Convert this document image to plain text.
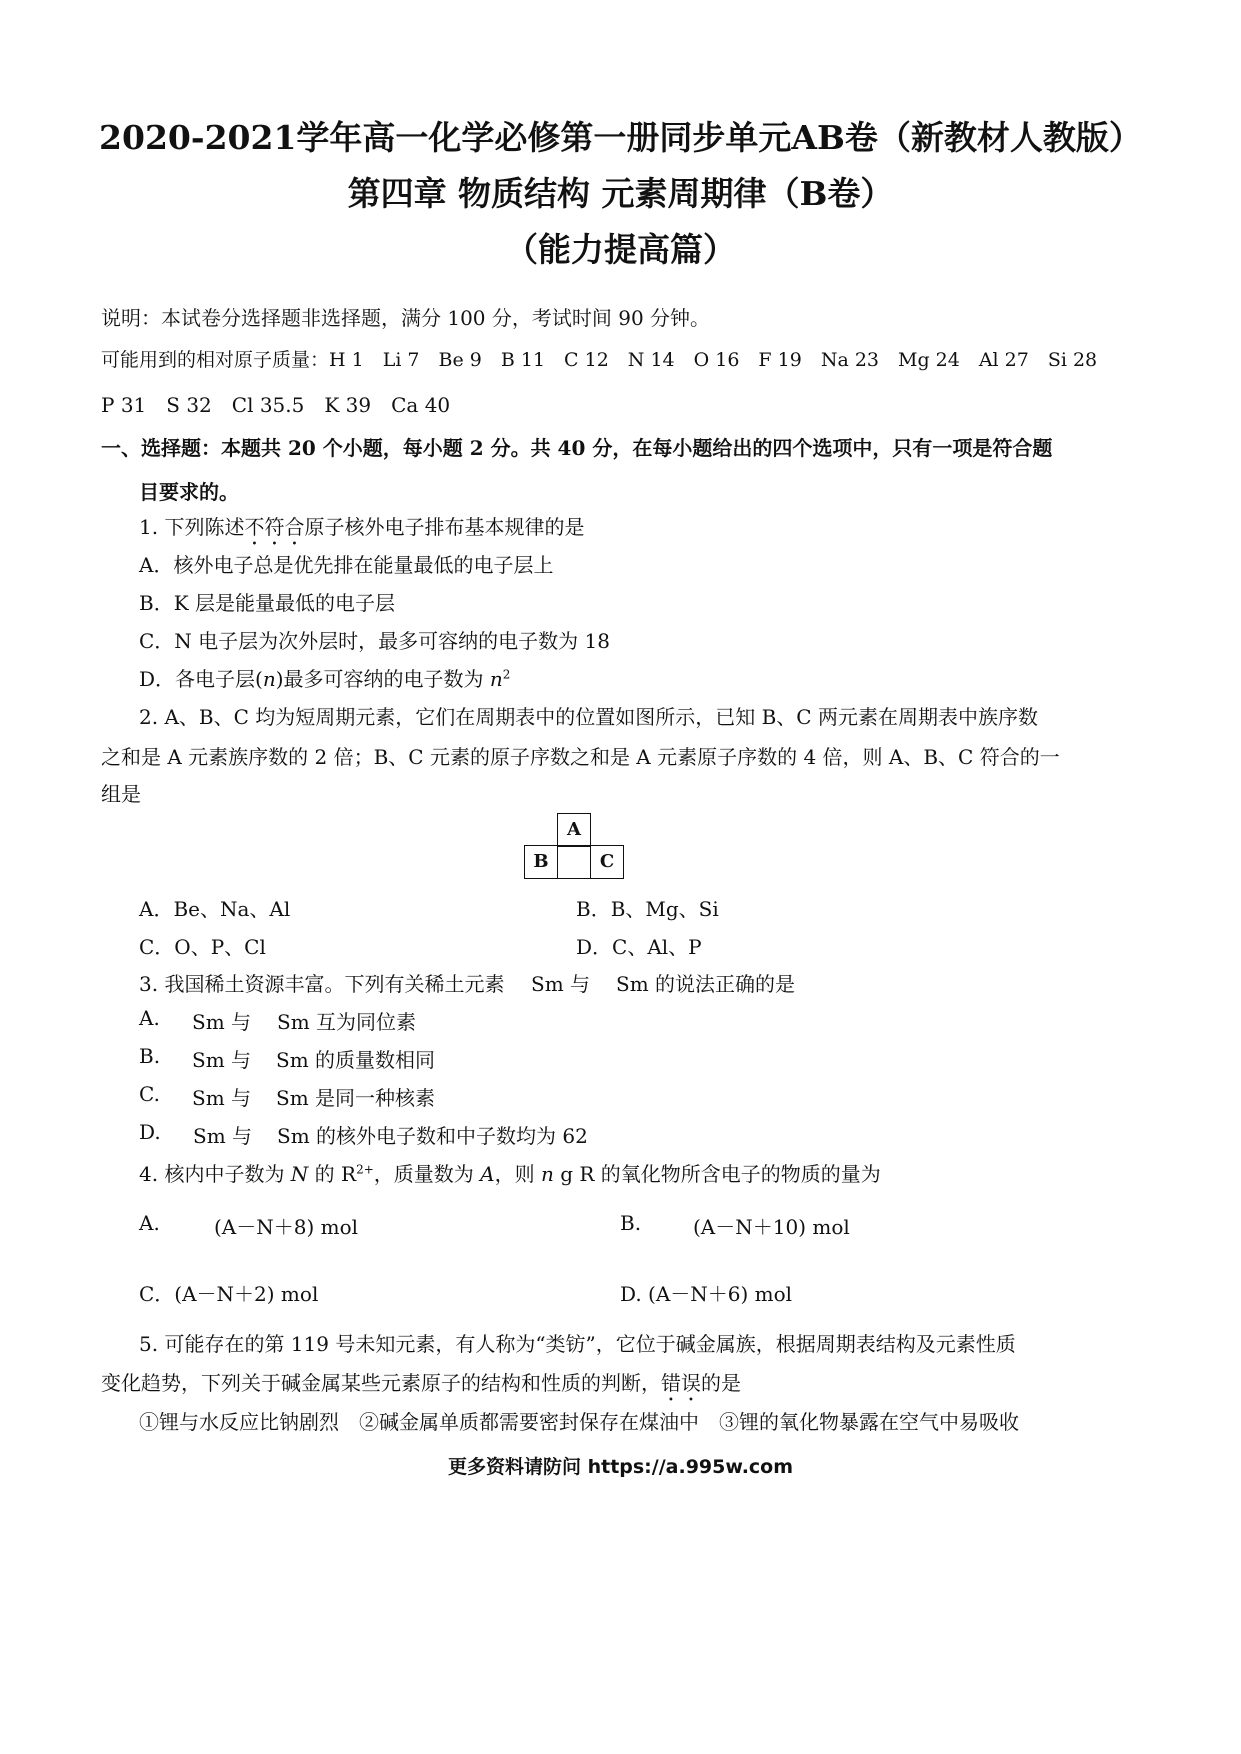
2020-2021学年高一化学必修第一册同步单元AB卷（新教材人教版）
第四章 物质结构 元素周期律（B卷）
（能力提高篇）
说明：本试卷分选择题非选择题，满分 100 分，考试时间 90 分钟。
可能用到的相对原子质量：H 1　Li 7　Be 9　B 11　C 12　N 14　O 16　F 19　Na 23　Mg 24　Al 27　Si 28
P 31　S 32　Cl 35.5　K 39　Ca 40
一、选择题：本题共 20 个小题，每小题 2 分。共 40 分，在每小题给出的四个选项中，只有一项是符合题
目要求的。
1. 下列陈述不符合原子核外电子排布基本规律的是
A．核外电子总是优先排在能量最低的电子层上
B．K 层是能量最低的电子层
C．N 电子层为次外层时，最多可容纳的电子数为 18
D．各电子层(n)最多可容纳的电子数为 $n^2$
2. A、B、C 均为短周期元素，它们在周期表中的位置如图所示，已知 B、C 两元素在周期表中族序数
之和是 A 元素族序数的 2 倍；B、C 元素的原子序数之和是 A 元素原子序数的 4 倍，则 A、B、C 符合的一
组是
A
B	C
A．Be、Na、Al	B．B、Mg、Si
C．O、P、Cl	D．C、Al、P
3. 我国稀土资源丰富。下列有关稀土元素 Sm 与 Sm 的说法正确的是
A. Sm 与 Sm 互为同位素
B. Sm 与 Sm 的质量数相同
C. Sm 与 Sm 是同一种核素
D. Sm 与 Sm 的核外电子数和中子数均为 62
4. 核内中子数为 N 的 $R^{2+}$，质量数为 A，则 n g R 的氧化物所含电子的物质的量为
A.	(A－N＋8) mol	B.	(A－N＋10) mol
C．(A－N＋2) mol	D. (A－N＋6) mol
5. 可能存在的第 119 号未知元素，有人称为“类钫”，它位于碱金属族，根据周期表结构及元素性质
变化趋势，下列关于碱金属某些元素原子的结构和性质的判断，错误的是
①锂与水反应比钠剧烈　②碱金属单质都需要密封保存在煤油中　③锂的氧化物暴露在空气中易吸收
更多资料请防问 https://a.995w.com
